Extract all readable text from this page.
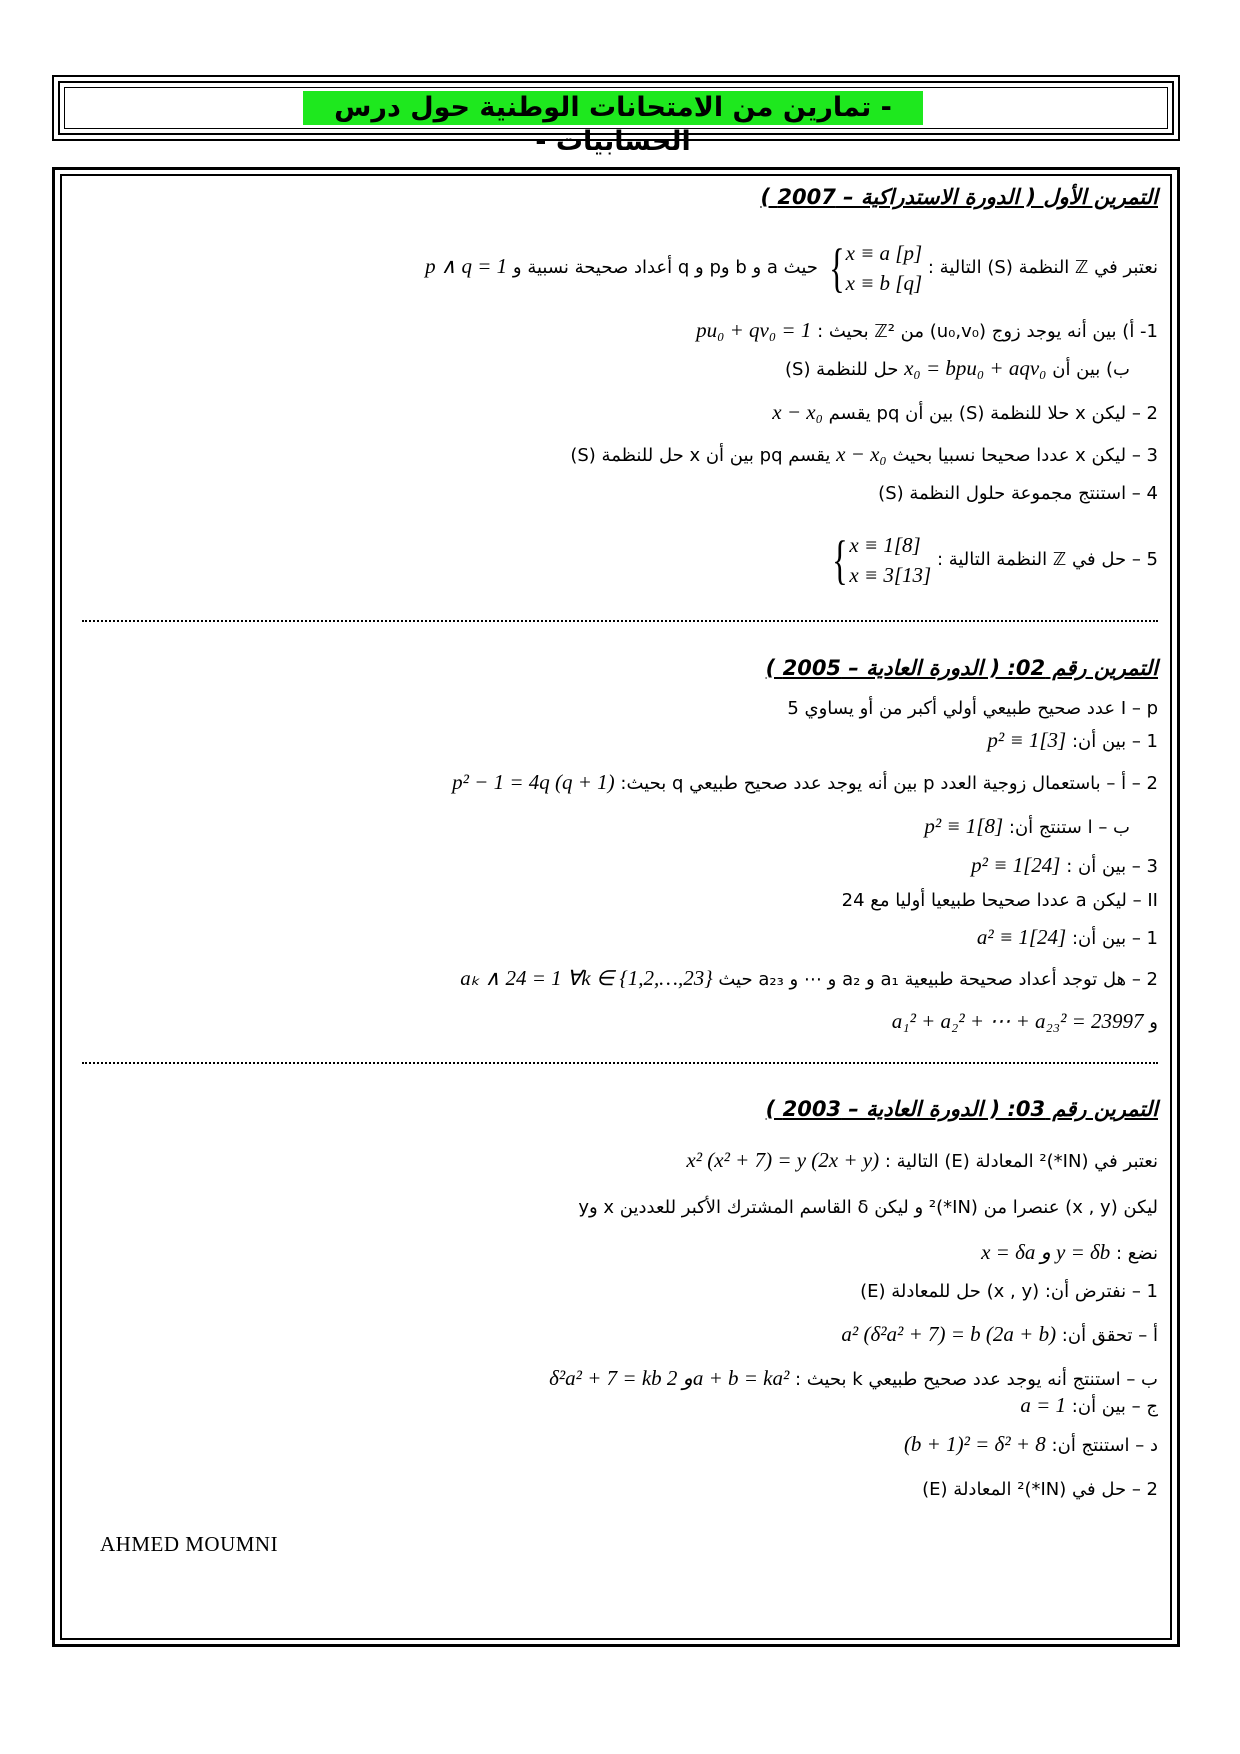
- تمارين من الامتحانات الوطنية حول درس الحسابيات -
التمرين الأول ( الدورة الاستدراكية – 2007 )
نعتبر في ℤ النظمة (S) التالية : { x ≡ a [p]
x ≡ b [q]
حيث a و b وp و q أعداد صحيحة نسبية و p ∧ q = 1
1- أ) بين أنه يوجد زوج (u₀,v₀) من ℤ² بحيث : pu₀ + qv₀ = 1
ب) بين أن x₀ = bpu₀ + aqv₀ حل للنظمة (S)
2 – ليكن x حلا للنظمة (S) بين أن pq يقسم x − x₀
3 – ليكن x عددا صحيحا نسبيا بحيث x − x₀ يقسم pq بين أن x حل للنظمة (S)
4 – استنتج مجموعة حلول النظمة (S)
5 – حل في ℤ النظمة التالية : { x ≡ 1[8]
x ≡ 3[13]
التمرين رقم 02: ( الدورة العادية – 2005 )
I – p عدد صحيح طبيعي أولي أكبر من أو يساوي 5
1 – بين أن: p² ≡ 1[3]
2 – أ – باستعمال زوجية العدد p بين أنه يوجد عدد صحيح طبيعي q بحيث: p² − 1 = 4q (q + 1)
ب – ا ستنتج أن: p² ≡ 1[8]
3 – بين أن : p² ≡ 1[24]
II – ليكن a عددا صحيحا طبيعيا أوليا مع 24
1 – بين أن: a² ≡ 1[24]
2 – هل توجد أعداد صحيحة طبيعية a₁ و a₂ و ⋯ و a₂₃ حيث aₖ ∧ 24 = 1 ∀k ∈ {1,2,…,23}
و a₁² + a₂² + ⋯ + a₂₃² = 23997
التمرين رقم 03: ( الدورة العادية – 2003 )
نعتبر في (IN*)² المعادلة (E) التالية : x² (x² + 7) = y (2x + y)
ليكن (x , y) عنصرا من (IN*)² و ليكن δ القاسم المشترك الأكبر للعددين x وy
نضع : x = δa و y = δb
1 – نفترض أن: (x , y) حل للمعادلة (E)
أ – تحقق أن: a² (δ²a² + 7) = b (2a + b)
ب – استنتج أنه يوجد عدد صحيح طبيعي k بحيث : δ²a² + 7 = kb و 2a + b = ka²
ج – بين أن: a = 1
د – استنتج أن: (b + 1)² = δ² + 8
2 – حل في (IN*)² المعادلة (E)
AHMED MOUMNI
